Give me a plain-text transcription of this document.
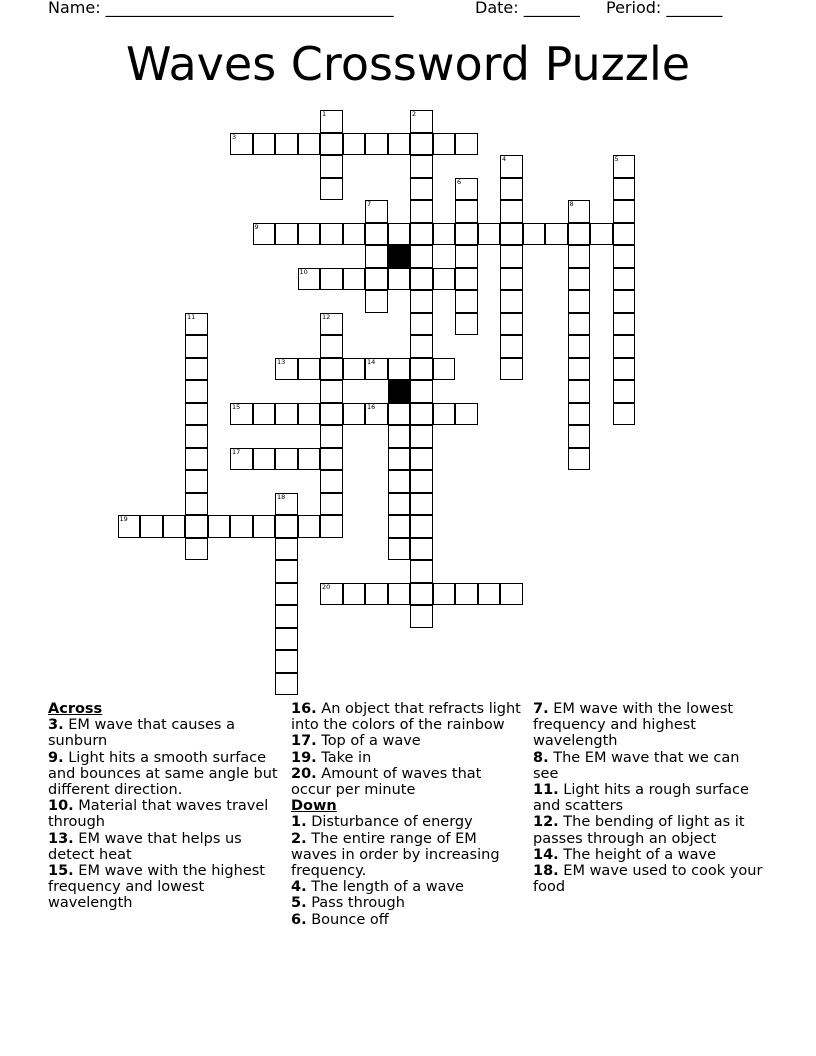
Name: ____________________________________	Date: _______ Period: _______
Waves Crossword Puzzle
3
9
10
13	14
15	16
17
19
20
1	2
4	5
6
7	8
11	12
18
Across
3. EM wave that causes a sunburn
9. Light hits a smooth surface and bounces at same angle but different direction.
10. Material that waves travel through
13. EM wave that helps us detect heat
15. EM wave with the highest frequency and lowest wavelength
16. An object that refracts light into the colors of the rainbow
17. Top of a wave
19. Take in
20. Amount of waves that occur per minute
Down
1. Disturbance of energy
2. The entire range of EM waves in order by increasing frequency.
4. The length of a wave
5. Pass through
6. Bounce off
7. EM wave with the lowest frequency and highest wavelength
8. The EM wave that we can see
11. Light hits a rough surface and scatters
12. The bending of light as it passes through an object
14. The height of a wave
18. EM wave used to cook your food
